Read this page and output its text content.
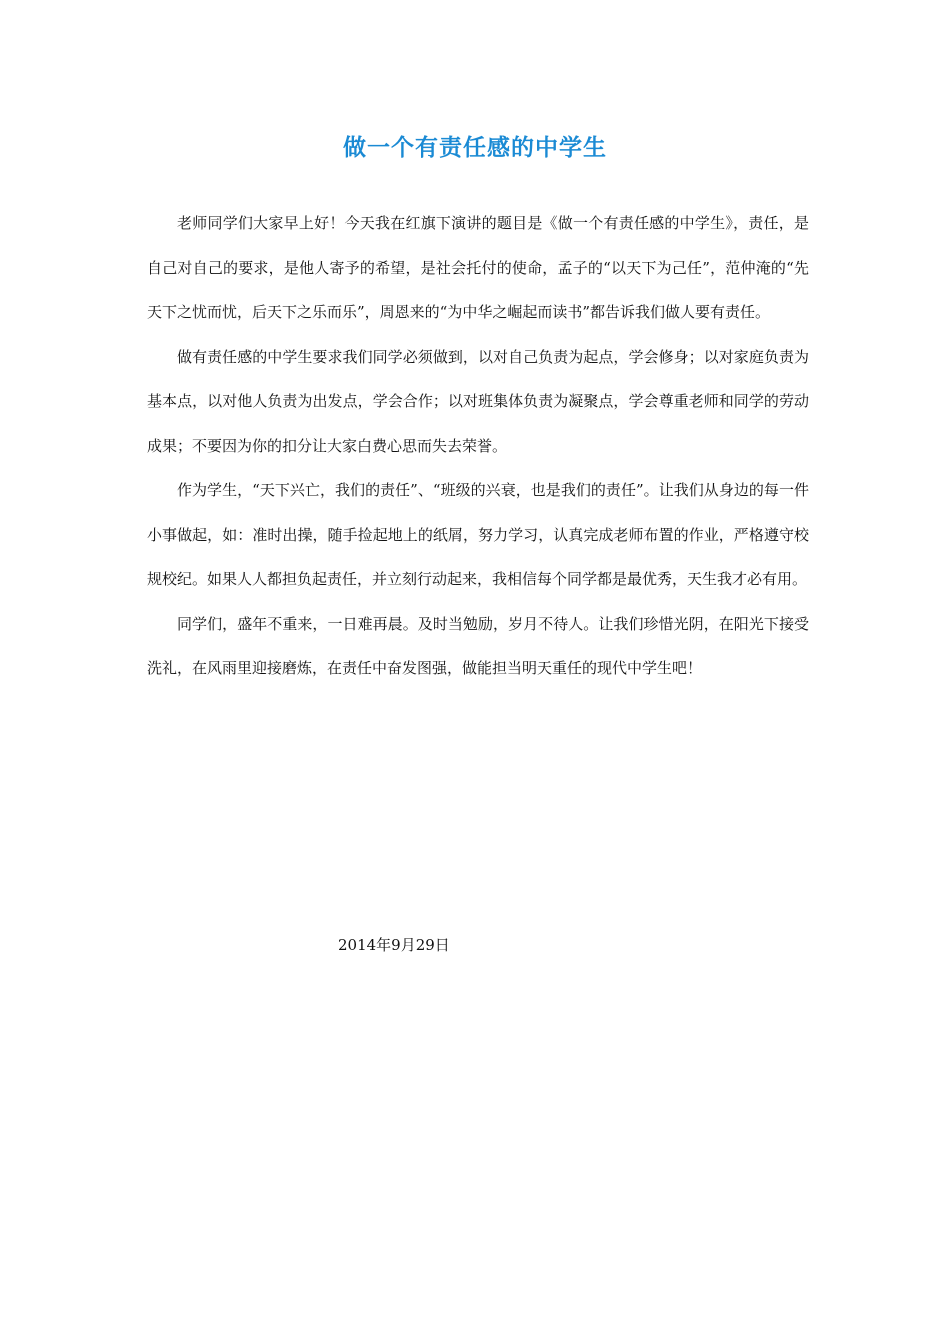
做一个有责任感的中学生

老师同学们大家早上好！今天我在红旗下演讲的题目是《做一个有责任感的中学生》，责任，是自己对自己的要求，是他人寄予的希望，是社会托付的使命，孟子的“以天下为己任”，范仲淹的“先天下之忧而忧，后天下之乐而乐”，周恩来的“为中华之崛起而读书”都告诉我们做人要有责任。

做有责任感的中学生要求我们同学必须做到，以对自己负责为起点，学会修身；以对家庭负责为基本点，以对他人负责为出发点，学会合作；以对班集体负责为凝聚点，学会尊重老师和同学的劳动成果；不要因为你的扣分让大家白费心思而失去荣誉。

作为学生，“天下兴亡，我们的责任”、“班级的兴衰，也是我们的责任”。让我们从身边的每一件小事做起，如：准时出操，随手捡起地上的纸屑，努力学习，认真完成老师布置的作业，严格遵守校规校纪。如果人人都担负起责任，并立刻行动起来，我相信每个同学都是最优秀，天生我才必有用。

同学们，盛年不重来，一日难再晨。及时当勉励，岁月不待人。让我们珍惜光阴，在阳光下接受洗礼，在风雨里迎接磨炼，在责任中奋发图强，做能担当明天重任的现代中学生吧！

2014年9月29日
